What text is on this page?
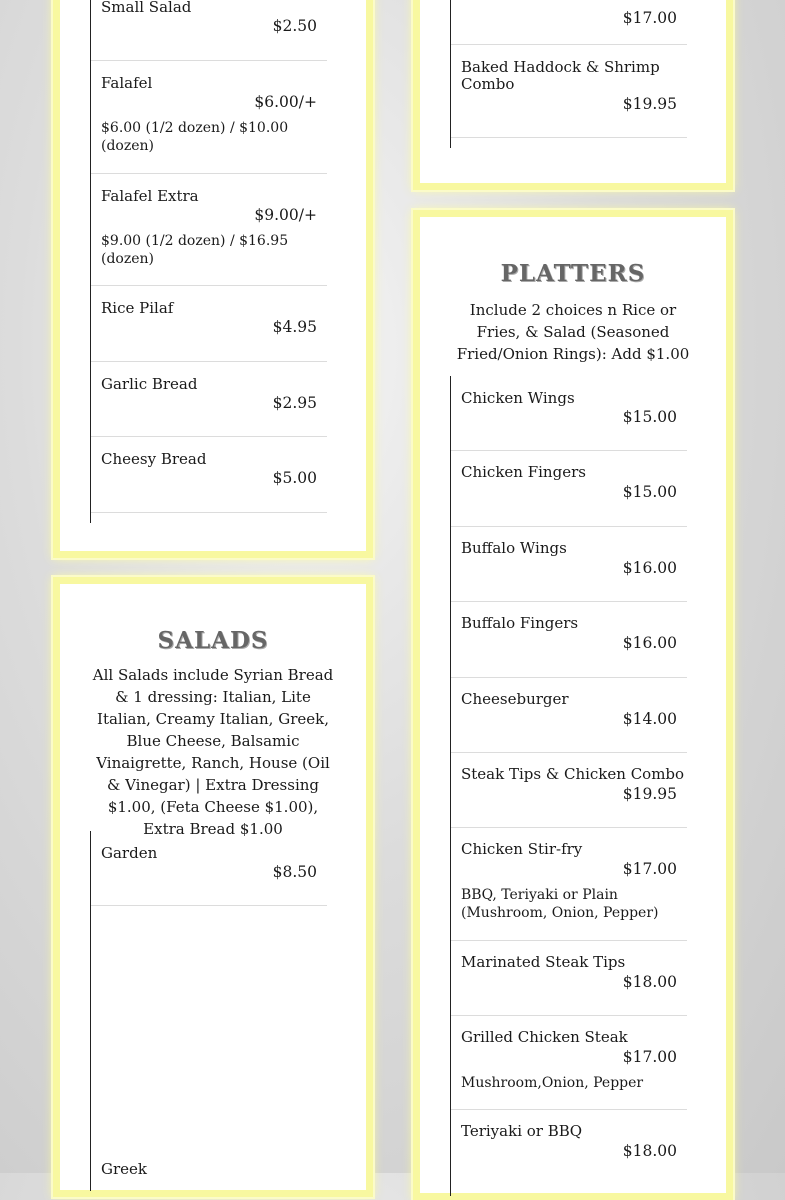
Small Salad
$2.50
Falafel
$6.00/+
$6.00 (1/2 dozen) / $10.00 (dozen)
Falafel Extra
$9.00/+
$9.00 (1/2 dozen) / $16.95 (dozen)
Rice Pilaf
$4.95
Garlic Bread
$2.95
Cheesy Bread
$5.00
SALADS
All Salads include Syrian Bread & 1 dressing: Italian, Lite Italian, Creamy Italian, Greek, Blue Cheese, Balsamic Vinaigrette, Ranch, House (Oil & Vinegar) | Extra Dressing $1.00, (Feta Cheese $1.00), Extra Bread $1.00
Garden
$8.50
Greek
$17.00
Baked Haddock & Shrimp Combo
$19.95
PLATTERS
Include 2 choices n Rice or Fries, & Salad (Seasoned Fried/Onion Rings): Add $1.00
Chicken Wings
$15.00
Chicken Fingers
$15.00
Buffalo Wings
$16.00
Buffalo Fingers
$16.00
Cheeseburger
$14.00
Steak Tips & Chicken Combo
$19.95
Chicken Stir-fry
$17.00
BBQ, Teriyaki or Plain (Mushroom, Onion, Pepper)
Marinated Steak Tips
$18.00
Grilled Chicken Steak
$17.00
Mushroom,Onion, Pepper
Teriyaki or BBQ
$18.00
